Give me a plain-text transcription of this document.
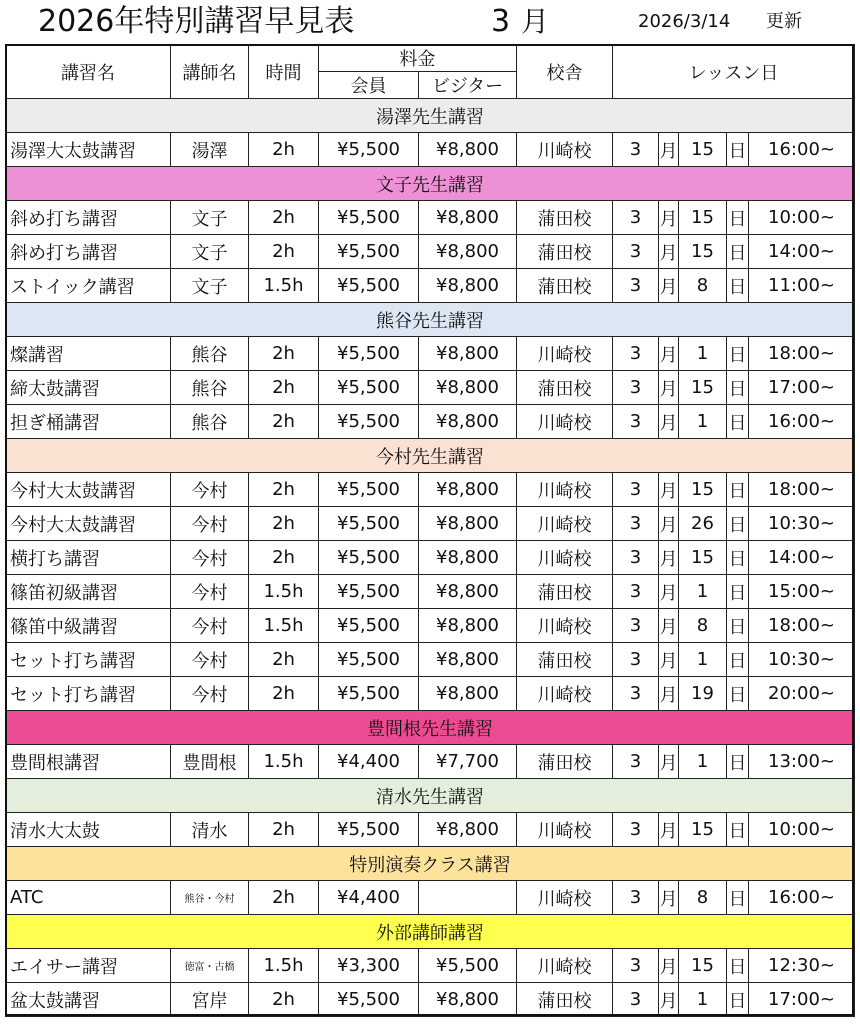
2026年特別講習早見表	3 月	2026/3/14 更新
講習名	講師名	時間	料金		校舎	レッスン日				
			会員	ビジター						
湯澤先生講習										
湯澤大太鼓講習	湯澤	2h	¥5,500	¥8,800	川崎校	3	月	15	日	16:00~
文子先生講習										
斜め打ち講習	文子	2h	¥5,500	¥8,800	蒲田校	3	月	15	日	10:00~
斜め打ち講習	文子	2h	¥5,500	¥8,800	蒲田校	3	月	15	日	14:00~
ストイック講習	文子	1.5h	¥5,500	¥8,800	蒲田校	3	月	8	日	11:00~
熊谷先生講習										
燦講習	熊谷	2h	¥5,500	¥8,800	川崎校	3	月	1	日	18:00~
締太鼓講習	熊谷	2h	¥5,500	¥8,800	蒲田校	3	月	15	日	17:00~
担ぎ桶講習	熊谷	2h	¥5,500	¥8,800	川崎校	3	月	1	日	16:00~
今村先生講習										
今村大太鼓講習	今村	2h	¥5,500	¥8,800	川崎校	3	月	15	日	18:00~
今村大太鼓講習	今村	2h	¥5,500	¥8,800	川崎校	3	月	26	日	10:30~
横打ち講習	今村	2h	¥5,500	¥8,800	川崎校	3	月	15	日	14:00~
篠笛初級講習	今村	1.5h	¥5,500	¥8,800	蒲田校	3	月	1	日	15:00~
篠笛中級講習	今村	1.5h	¥5,500	¥8,800	川崎校	3	月	8	日	18:00~
セット打ち講習	今村	2h	¥5,500	¥8,800	蒲田校	3	月	1	日	10:30~
セット打ち講習	今村	2h	¥5,500	¥8,800	川崎校	3	月	19	日	20:00~
豊間根先生講習										
豊間根講習	豊間根	1.5h	¥4,400	¥7,700	蒲田校	3	月	1	日	13:00~
清水先生講習										
清水大太鼓	清水	2h	¥5,500	¥8,800	川崎校	3	月	15	日	10:00~
特別演奏クラス講習										
ATC	熊谷・今村	2h	¥4,400		川崎校	3	月	8	日	16:00~
外部講師講習										
エイサー講習	徳富・古橋	1.5h	¥3,300	¥5,500	川崎校	3	月	15	日	12:30~
盆太鼓講習	宮岸	2h	¥5,500	¥8,800	蒲田校	3	月	1	日	17:00~
